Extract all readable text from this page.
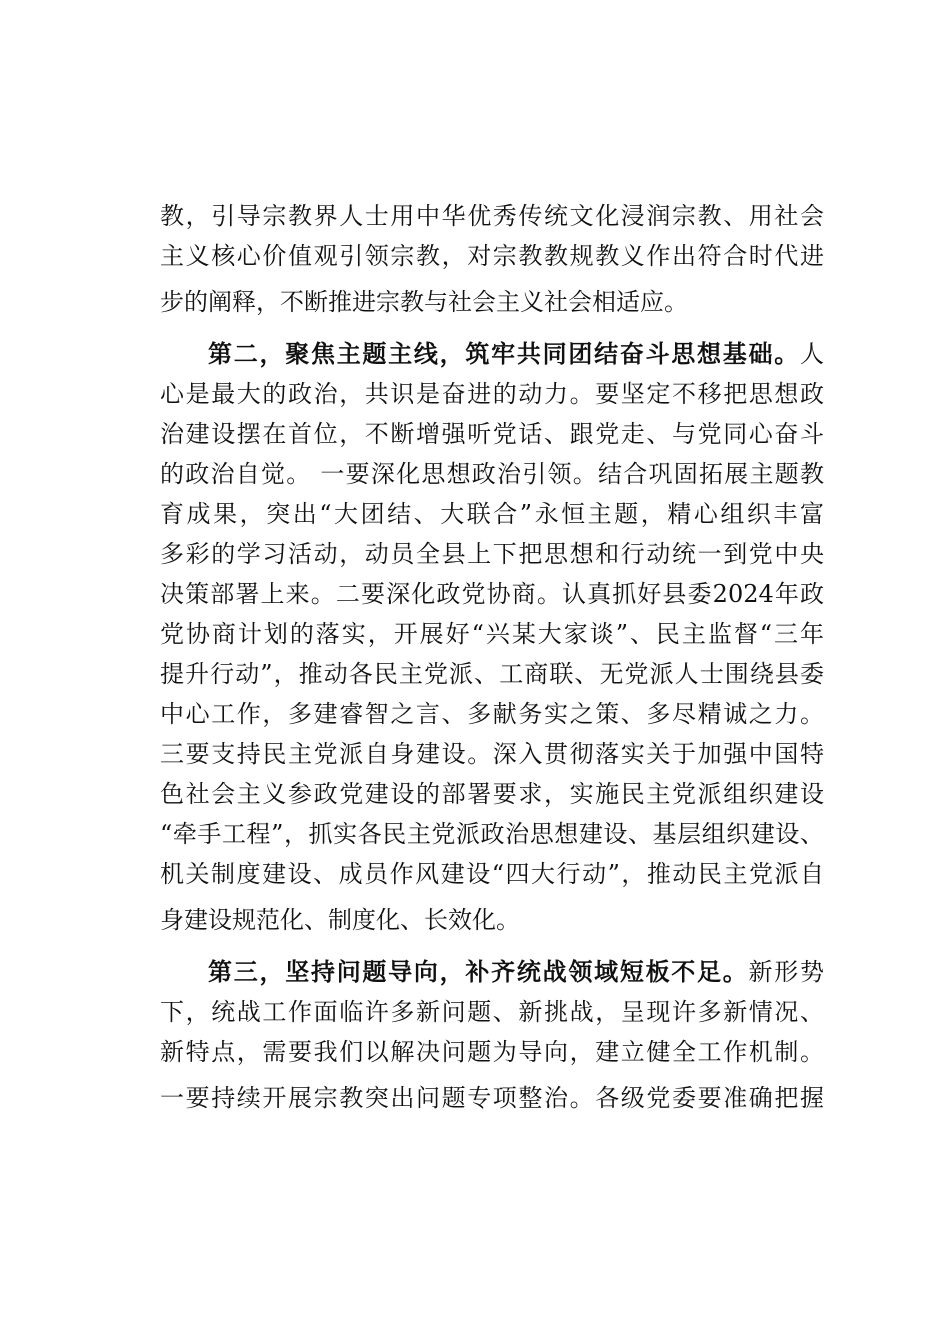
教，引导宗教界人士用中华优秀传统文化浸润宗教、用社会
主义核心价值观引领宗教，对宗教教规教义作出符合时代进
步的阐释，不断推进宗教与社会主义社会相适应。
第二，聚焦主题主线，筑牢共同团结奋斗思想基础。人
心是最大的政治，共识是奋进的动力。要坚定不移把思想政
治建设摆在首位，不断增强听党话、跟党走、与党同心奋斗
的政治自觉。 一要深化思想政治引领。结合巩固拓展主题教
育成果，突出“大团结、大联合”永恒主题，精心组织丰富
多彩的学习活动，动员全县上下把思想和行动统一到党中央
决策部署上来。二要深化政党协商。认真抓好县委2024年政
党协商计划的落实，开展好“兴某大家谈”、民主监督“三年
提升行动”，推动各民主党派、工商联、无党派人士围绕县委
中心工作，多建睿智之言、多献务实之策、多尽精诚之力。
三要支持民主党派自身建设。深入贯彻落实关于加强中国特
色社会主义参政党建设的部署要求，实施民主党派组织建设
“牵手工程”，抓实各民主党派政治思想建设、基层组织建设、
机关制度建设、成员作风建设“四大行动”，推动民主党派自
身建设规范化、制度化、长效化。
第三，坚持问题导向，补齐统战领域短板不足。新形势
下，统战工作面临许多新问题、新挑战，呈现许多新情况、
新特点，需要我们以解决问题为导向，建立健全工作机制。
一要持续开展宗教突出问题专项整治。各级党委要准确把握
